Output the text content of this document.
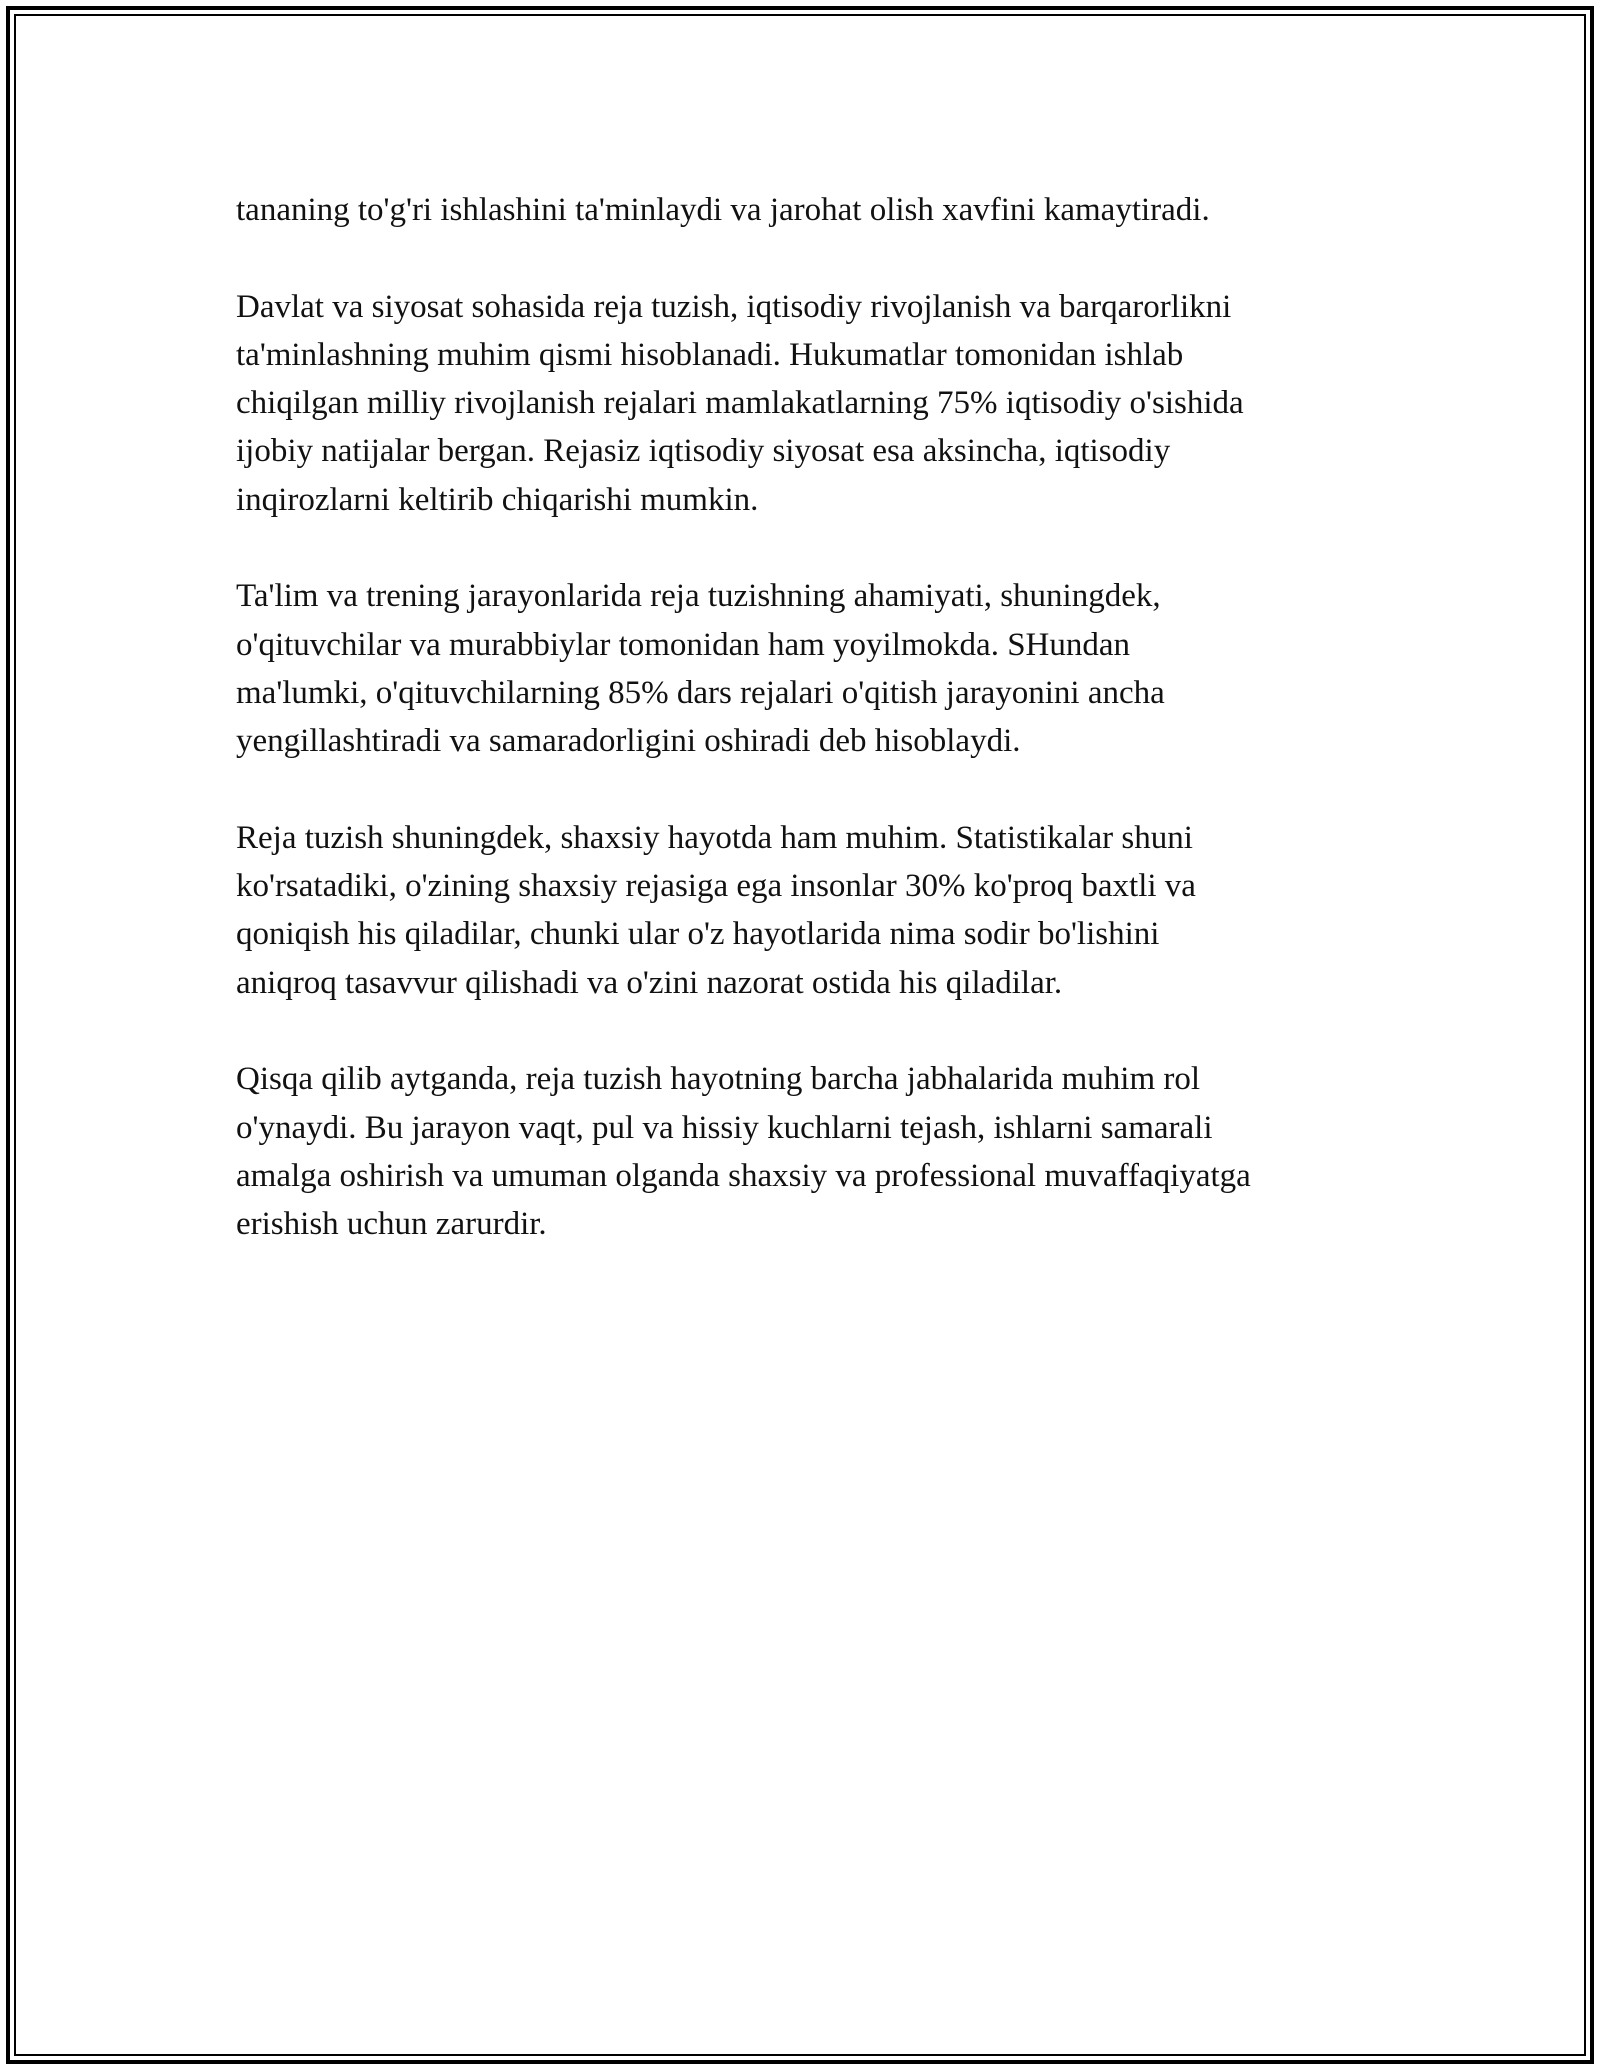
tananing to'g'ri ishlashini ta'minlaydi va jarohat olish xavfini kamaytiradi.

Davlat va siyosat sohasida reja tuzish, iqtisodiy rivojlanish va barqarorlikni
ta'minlashning muhim qismi hisoblanadi. Hukumatlar tomonidan ishlab
chiqilgan milliy rivojlanish rejalari mamlakatlarning 75% iqtisodiy o'sishida
ijobiy natijalar bergan. Rejasiz iqtisodiy siyosat esa aksincha, iqtisodiy
inqirozlarni keltirib chiqarishi mumkin.

Ta'lim va trening jarayonlarida reja tuzishning ahamiyati, shuningdek,
o'qituvchilar va murabbiylar tomonidan ham yoyilmokda. SHundan
ma'lumki, o'qituvchilarning 85% dars rejalari o'qitish jarayonini ancha
yengillashtiradi va samaradorligini oshiradi deb hisoblaydi.

Reja tuzish shuningdek, shaxsiy hayotda ham muhim. Statistikalar shuni
ko'rsatadiki, o'zining shaxsiy rejasiga ega insonlar 30% ko'proq baxtli va
qoniqish his qiladilar, chunki ular o'z hayotlarida nima sodir bo'lishini
aniqroq tasavvur qilishadi va o'zini nazorat ostida his qiladilar.

Qisqa qilib aytganda, reja tuzish hayotning barcha jabhalarida muhim rol
o'ynaydi. Bu jarayon vaqt, pul va hissiy kuchlarni tejash, ishlarni samarali
amalga oshirish va umuman olganda shaxsiy va professional muvaffaqiyatga
erishish uchun zarurdir.
